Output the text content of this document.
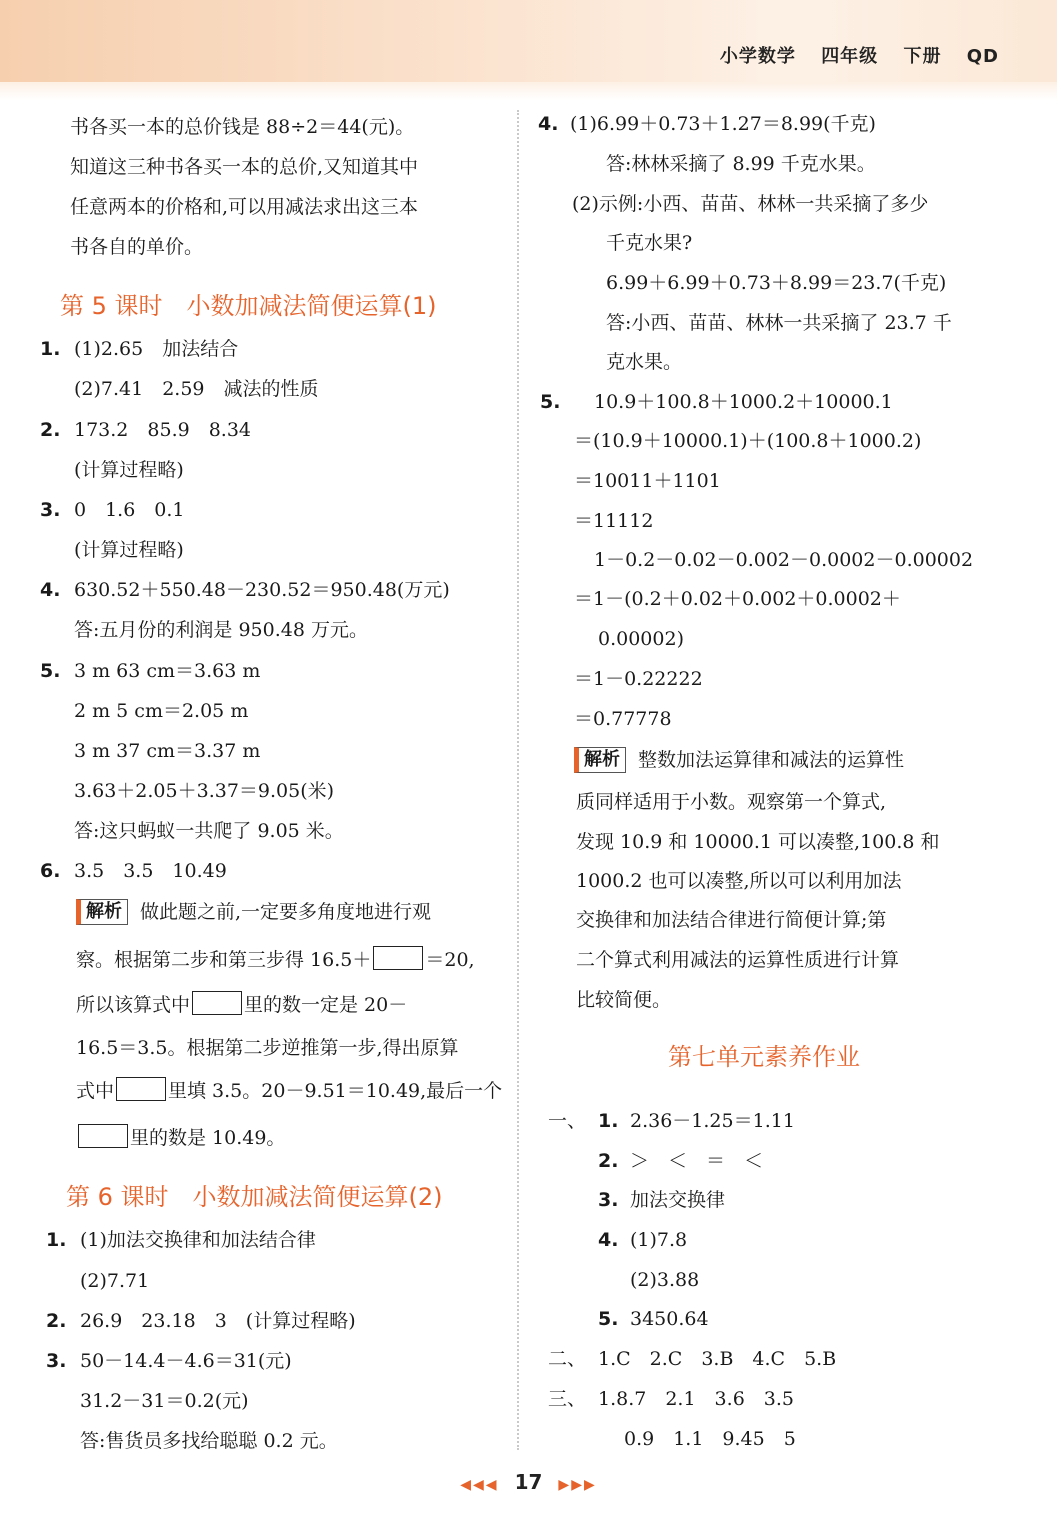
小学数学 四年级 下册 QD
书各买一本的总价钱是 88÷2＝44(元)。
知道这三种书各买一本的总价,又知道其中
任意两本的价格和,可以用减法求出这三本
书各自的单价。
第 5 课时　小数加减法简便运算(1)
1. (1)2.65　加法结合
(2)7.41　2.59　减法的性质
2. 173.2　85.9　8.34
(计算过程略)
3. 0　1.6　0.1
(计算过程略)
4. 630.52＋550.48－230.52＝950.48(万元)
答:五月份的利润是 950.48 万元。
5. 3 m 63 cm＝3.63 m
2 m 5 cm＝2.05 m
3 m 37 cm＝3.37 m
3.63＋2.05＋3.37＝9.05(米)
答:这只蚂蚁一共爬了 9.05 米。
6. 3.5　3.5　10.49
解析 做此题之前,一定要多角度地进行观
察。根据第二步和第三步得 16.5＋	＝20,
所以该算式中	里的数一定是 20－
16.5＝3.5。根据第二步逆推第一步,得出原算
式中	里填 3.5。20－9.51＝10.49,最后一个
里的数是 10.49。
第 6 课时　小数加减法简便运算(2)
1. (1)加法交换律和加法结合律
(2)7.71
2. 26.9　23.18　3　(计算过程略)
3. 50－14.4－4.6＝31(元)
31.2－31＝0.2(元)
答:售货员多找给聪聪 0.2 元。
4. (1)6.99＋0.73＋1.27＝8.99(千克)
答:林林采摘了 8.99 千克水果。
(2)示例:小西、苗苗、林林一共采摘了多少
千克水果?
6.99＋6.99＋0.73＋8.99＝23.7(千克)
答:小西、苗苗、林林一共采摘了 23.7 千
克水果。
5. 10.9＋100.8＋1000.2＋10000.1
＝(10.9＋10000.1)＋(100.8＋1000.2)
＝10011＋1101
＝11112
1－0.2－0.02－0.002－0.0002－0.00002
＝1－(0.2＋0.02＋0.002＋0.0002＋
0.00002)
＝1－0.22222
＝0.77778
解析 整数加法运算律和减法的运算性
质同样适用于小数。观察第一个算式,
发现 10.9 和 10000.1 可以凑整,100.8 和
1000.2 也可以凑整,所以可以利用加法
交换律和加法结合律进行简便计算;第
二个算式利用减法的运算性质进行计算
比较简便。
第七单元素养作业
一、 1. 2.36－1.25＝1.11
2. ＞　＜　＝　＜
3. 加法交换律
4. (1)7.8
(2)3.88
5. 3450.64
二、 1.C　2.C　3.B　4.C　5.B
三、 1.8.7　2.1　3.6　3.5
0.9　1.1　9.45　5
◀◀◀ 17 ▶▶▶
